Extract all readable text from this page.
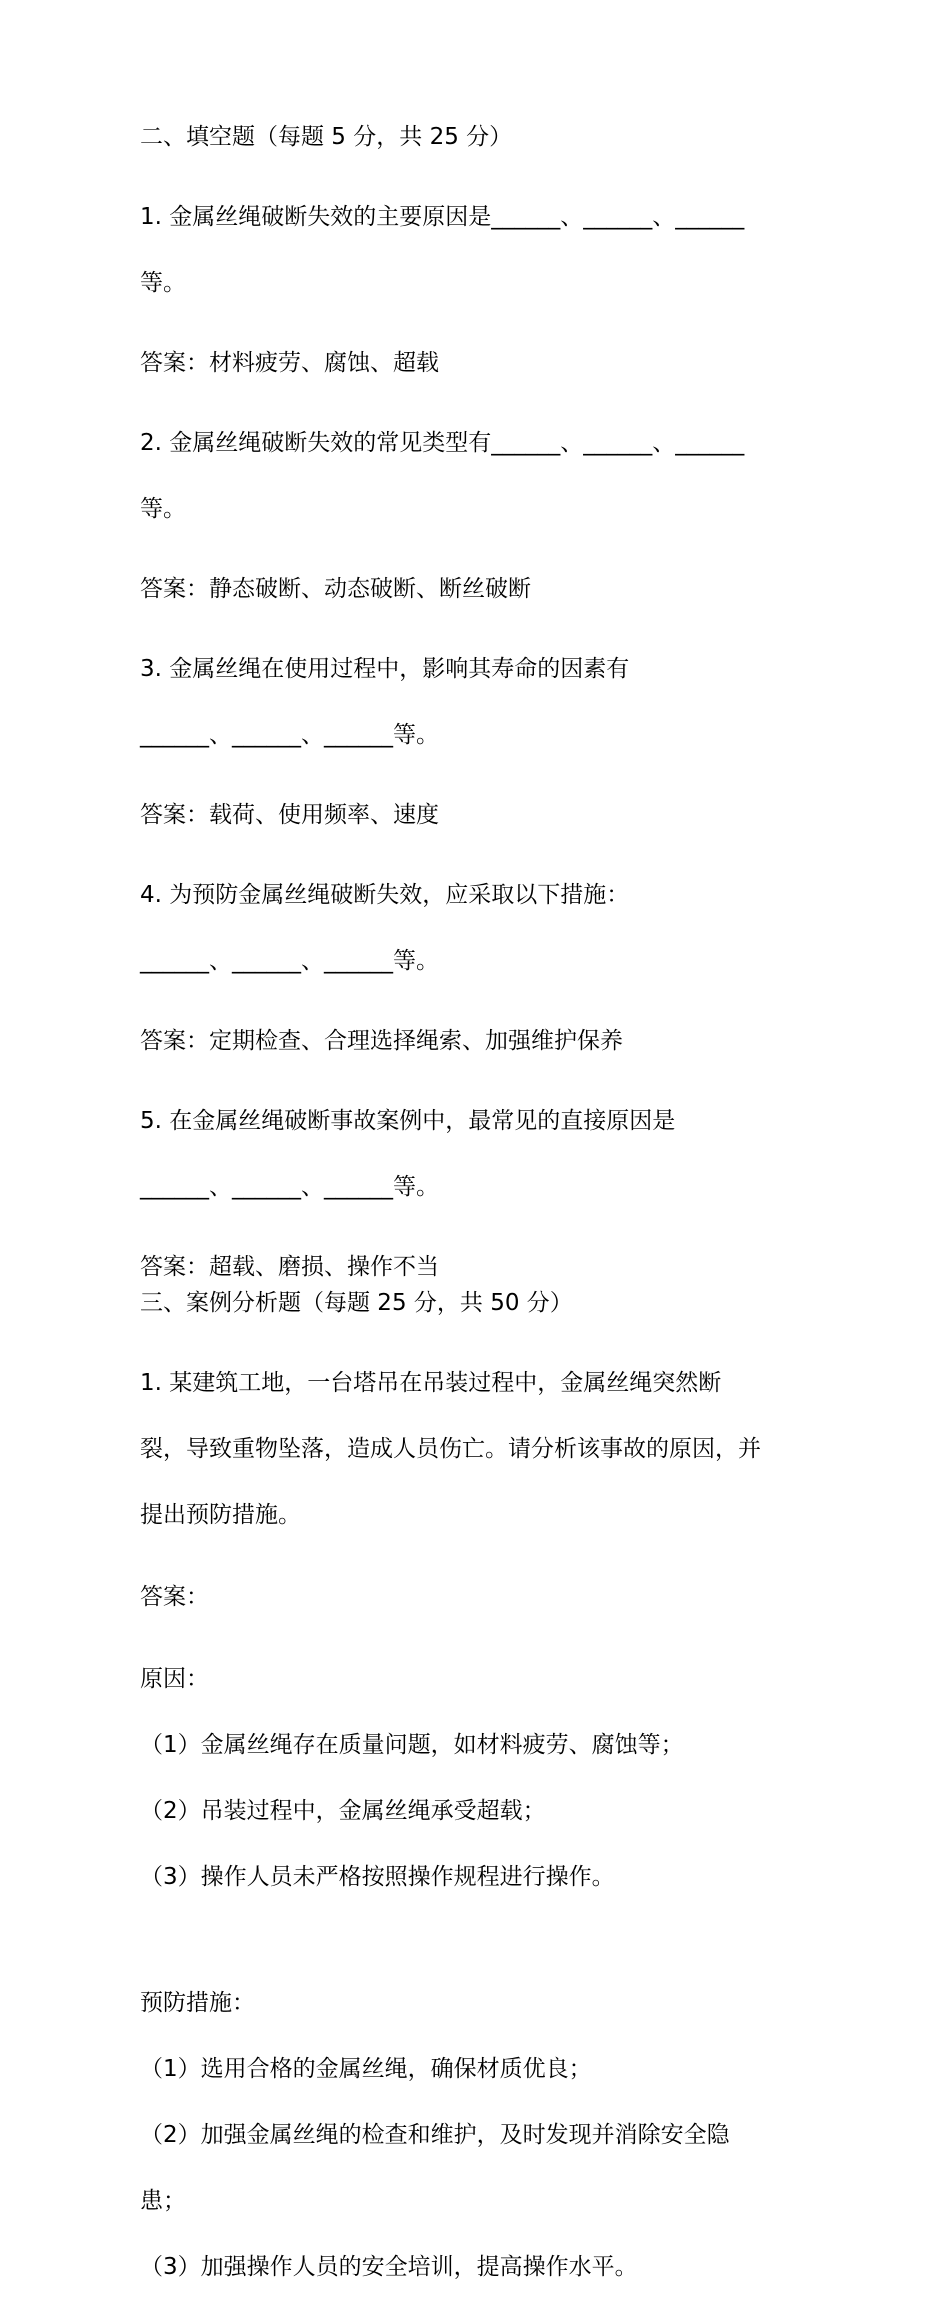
二、填空题（每题 5 分，共 25 分）

1. 金属丝绳破断失效的主要原因是______、______、______

等。

答案：材料疲劳、腐蚀、超载

2. 金属丝绳破断失效的常见类型有______、______、______

等。

答案：静态破断、动态破断、断丝破断

3. 金属丝绳在使用过程中，影响其寿命的因素有

______、______、______等。

答案：载荷、使用频率、速度

4. 为预防金属丝绳破断失效，应采取以下措施：

______、______、______等。

答案：定期检查、合理选择绳索、加强维护保养

5. 在金属丝绳破断事故案例中，最常见的直接原因是

______、______、______等。

答案：超载、磨损、操作不当

三、案例分析题（每题 25 分，共 50 分）

1. 某建筑工地，一台塔吊在吊装过程中，金属丝绳突然断

裂，导致重物坠落，造成人员伤亡。请分析该事故的原因，并

提出预防措施。

答案：

原因：

（1）金属丝绳存在质量问题，如材料疲劳、腐蚀等；

（2）吊装过程中，金属丝绳承受超载；

（3）操作人员未严格按照操作规程进行操作。

预防措施：

（1）选用合格的金属丝绳，确保材质优良；

（2）加强金属丝绳的检查和维护，及时发现并消除安全隐

患；

（3）加强操作人员的安全培训，提高操作水平。
